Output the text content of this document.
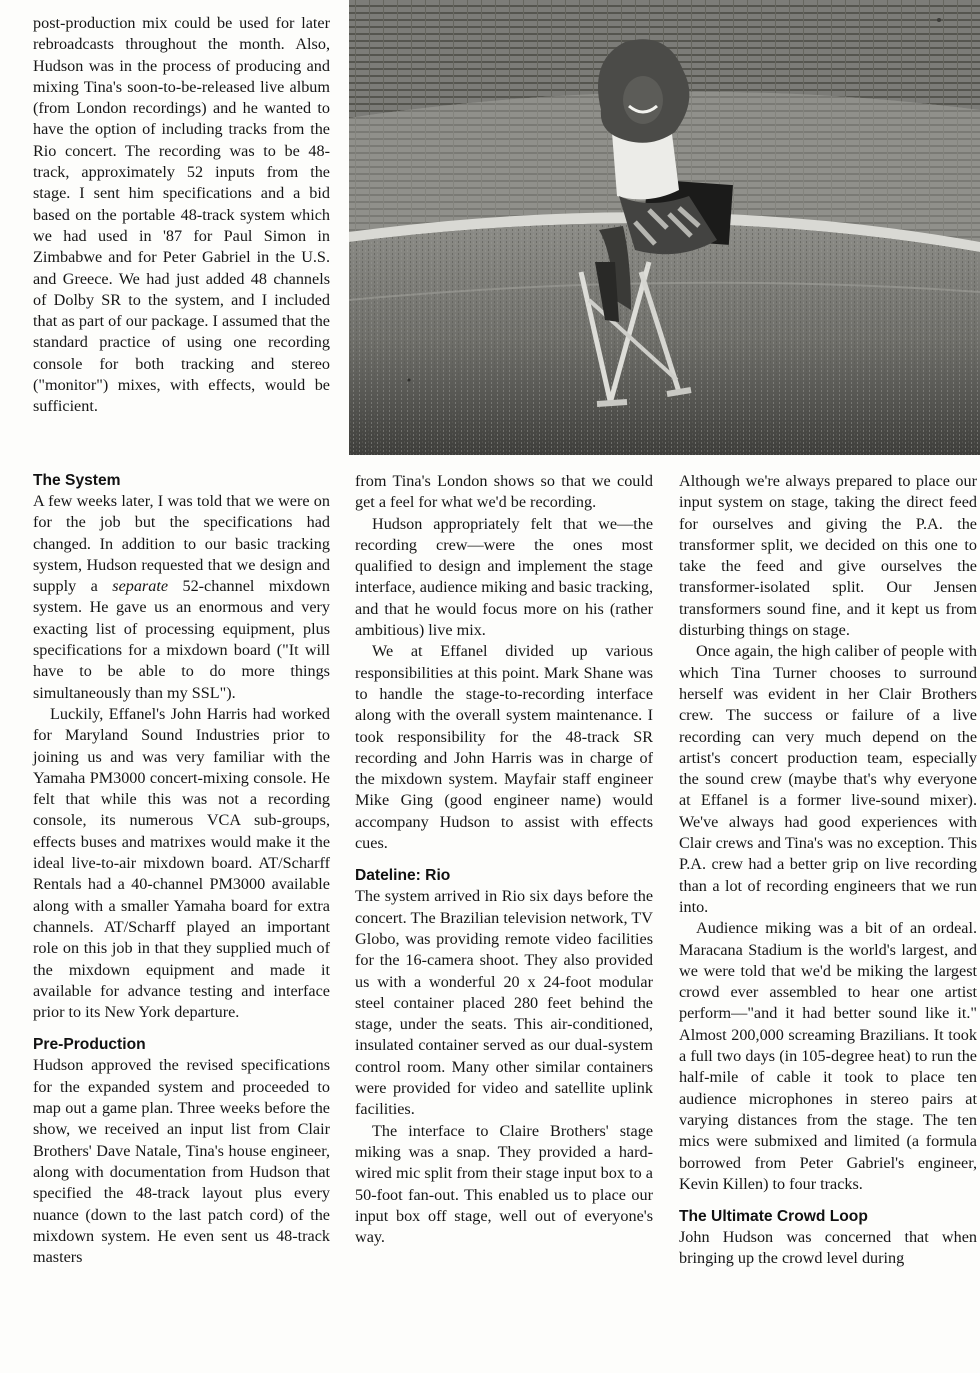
post-production mix could be used for later rebroadcasts throughout the month. Also, Hudson was in the process of producing and mixing Tina's soon-to-be-released live album (from London recordings) and he wanted to have the option of including tracks from the Rio concert. The recording was to be 48-track, approximately 52 inputs from the stage. I sent him specifications and a bid based on the portable 48-track system which we had used in '87 for Paul Simon in Zimbabwe and for Peter Gabriel in the U.S. and Greece. We had just added 48 channels of Dolby SR to the system, and I included that as part of our package. I assumed that the standard practice of using one recording console for both tracking and stereo ("monitor") mixes, with effects, would be sufficient.

The System

A few weeks later, I was told that we were on for the job but the specifications had changed. In addition to our basic tracking system, Hudson requested that we design and supply a separate 52-channel mixdown system. He gave us an enormous and very exacting list of processing equipment, plus specifications for a mixdown board ("It will have to be able to do more things simultaneously than my SSL").

Luckily, Effanel's John Harris had worked for Maryland Sound Industries prior to joining us and was very familiar with the Yamaha PM3000 concert-mixing console. He felt that while this was not a recording console, its numerous VCA sub-groups, effects buses and matrixes would make it the ideal live-to-air mixdown board. AT/Scharff Rentals had a 40-channel PM3000 available along with a smaller Yamaha board for extra channels. AT/Scharff played an important role on this job in that they supplied much of the mixdown equipment and made it available for advance testing and interface prior to its New York departure.

Pre-Production

Hudson approved the revised specifications for the expanded system and proceeded to map out a game plan. Three weeks before the show, we received an input list from Clair Brothers' Dave Natale, Tina's house engineer, along with documentation from Hudson that specified the 48-track layout plus every nuance (down to the last patch cord) of the mixdown system. He even sent us 48-track masters

from Tina's London shows so that we could get a feel for what we'd be recording.

Hudson appropriately felt that we—the recording crew—were the ones most qualified to design and implement the stage interface, audience miking and basic tracking, and that he would focus more on his (rather ambitious) live mix.

We at Effanel divided up various responsibilities at this point. Mark Shane was to handle the stage-to-recording interface along with the overall system maintenance. I took responsibility for the 48-track SR recording and John Harris was in charge of the mixdown system. Mayfair staff engineer Mike Ging (good engineer name) would accompany Hudson to assist with effects cues.

Dateline: Rio

The system arrived in Rio six days before the concert. The Brazilian television network, TV Globo, was providing remote video facilities for the 16-camera shoot. They also provided us with a wonderful 20 x 24-foot modular steel container placed 280 feet behind the stage, under the seats. This air-conditioned, insulated container served as our dual-system control room. Many other similar containers were provided for video and satellite uplink facilities.

The interface to Claire Brothers' stage miking was a snap. They provided a hard-wired mic split from their stage input box to a 50-foot fan-out. This enabled us to place our input box off stage, well out of everyone's way.

Although we're always prepared to place our input system on stage, taking the direct feed for ourselves and giving the P.A. the transformer split, we decided on this one to take the feed and give ourselves the transformer-isolated split. Our Jensen transformers sound fine, and it kept us from disturbing things on stage.

Once again, the high caliber of people with which Tina Turner chooses to surround herself was evident in her Clair Brothers crew. The success or failure of a live recording can very much depend on the artist's concert production team, especially the sound crew (maybe that's why everyone at Effanel is a former live-sound mixer). We've always had good experiences with Clair crews and Tina's was no exception. This P.A. crew had a better grip on live recording than a lot of recording engineers that we run into.

Audience miking was a bit of an ordeal. Maracana Stadium is the world's largest, and we were told that we'd be miking the largest crowd ever assembled to hear one artist perform—"and it had better sound like it." Almost 200,000 screaming Brazilians. It took a full two days (in 105-degree heat) to run the half-mile of cable it took to place ten audience microphones in stereo pairs at varying distances from the stage. The ten mics were submixed and limited (a formula borrowed from Peter Gabriel's engineer, Kevin Killen) to four tracks.

The Ultimate Crowd Loop

John Hudson was concerned that when bringing up the crowd level during
